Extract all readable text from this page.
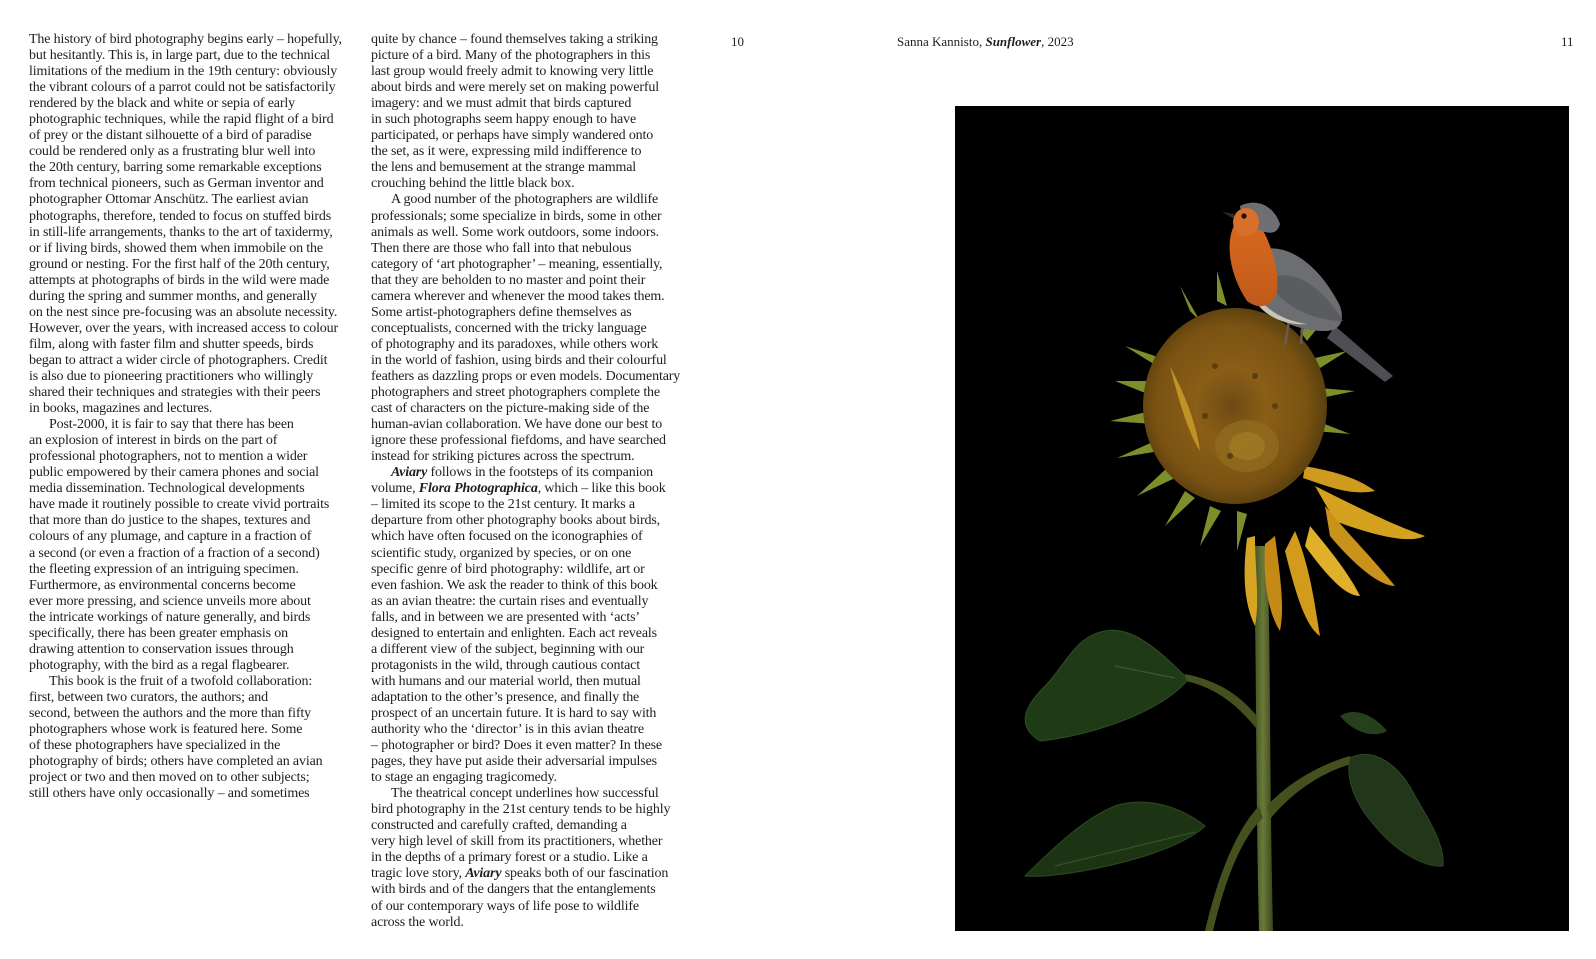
The history of bird photography begins early – hopefully,
but hesitantly. This is, in large part, due to the technical
limitations of the medium in the 19th century: obviously
the vibrant colours of a parrot could not be satisfactorily
rendered by the black and white or sepia of early
photographic techniques, while the rapid flight of a bird
of prey or the distant silhouette of a bird of paradise
could be rendered only as a frustrating blur well into
the 20th century, barring some remarkable exceptions
from technical pioneers, such as German inventor and
photographer Ottomar Anschütz. The earliest avian
photographs, therefore, tended to focus on stuffed birds
in still-life arrangements, thanks to the art of taxidermy,
or if living birds, showed them when immobile on the
ground or nesting. For the first half of the 20th century,
attempts at photographs of birds in the wild were made
during the spring and summer months, and generally
on the nest since pre-focusing was an absolute necessity.
However, over the years, with increased access to colour
film, along with faster film and shutter speeds, birds
began to attract a wider circle of photographers. Credit
is also due to pioneering practitioners who willingly
shared their techniques and strategies with their peers
in books, magazines and lectures.

Post-2000, it is fair to say that there has been
an explosion of interest in birds on the part of
professional photographers, not to mention a wider
public empowered by their camera phones and social
media dissemination. Technological developments
have made it routinely possible to create vivid portraits
that more than do justice to the shapes, textures and
colours of any plumage, and capture in a fraction of
a second (or even a fraction of a fraction of a second)
the fleeting expression of an intriguing specimen.
Furthermore, as environmental concerns become
ever more pressing, and science unveils more about
the intricate workings of nature generally, and birds
specifically, there has been greater emphasis on
drawing attention to conservation issues through
photography, with the bird as a regal flagbearer.

This book is the fruit of a twofold collaboration:
first, between two curators, the authors; and
second, between the authors and the more than fifty
photographers whose work is featured here. Some
of these photographers have specialized in the
photography of birds; others have completed an avian
project or two and then moved on to other subjects;
still others have only occasionally – and sometimes

quite by chance – found themselves taking a striking
picture of a bird. Many of the photographers in this
last group would freely admit to knowing very little
about birds and were merely set on making powerful
imagery: and we must admit that birds captured
in such photographs seem happy enough to have
participated, or perhaps have simply wandered onto
the set, as it were, expressing mild indifference to
the lens and bemusement at the strange mammal
crouching behind the little black box.

A good number of the photographers are wildlife
professionals; some specialize in birds, some in other
animals as well. Some work outdoors, some indoors.
Then there are those who fall into that nebulous
category of ‘art photographer’ – meaning, essentially,
that they are beholden to no master and point their
camera wherever and whenever the mood takes them.
Some artist-photographers define themselves as
conceptualists, concerned with the tricky language
of photography and its paradoxes, while others work
in the world of fashion, using birds and their colourful
feathers as dazzling props or even models. Documentary
photographers and street photographers complete the
cast of characters on the picture-making side of the
human-avian collaboration. We have done our best to
ignore these professional fiefdoms, and have searched
instead for striking pictures across the spectrum.

Aviary follows in the footsteps of its companion
volume, Flora Photographica, which – like this book
– limited its scope to the 21st century. It marks a
departure from other photography books about birds,
which have often focused on the iconographies of
scientific study, organized by species, or on one
specific genre of bird photography: wildlife, art or
even fashion. We ask the reader to think of this book
as an avian theatre: the curtain rises and eventually
falls, and in between we are presented with ‘acts’
designed to entertain and enlighten. Each act reveals
a different view of the subject, beginning with our
protagonists in the wild, through cautious contact
with humans and our material world, then mutual
adaptation to the other’s presence, and finally the
prospect of an uncertain future. It is hard to say with
authority who the ‘director’ is in this avian theatre
– photographer or bird? Does it even matter? In these
pages, they have put aside their adversarial impulses
to stage an engaging tragicomedy.

The theatrical concept underlines how successful
bird photography in the 21st century tends to be highly
constructed and carefully crafted, demanding a
very high level of skill from its practitioners, whether
in the depths of a primary forest or a studio. Like a
tragic love story, Aviary speaks both of our fascination
with birds and of the dangers that the entanglements
of our contemporary ways of life pose to wildlife
across the world.

10	Sanna Kannisto, Sunflower, 2023	11
